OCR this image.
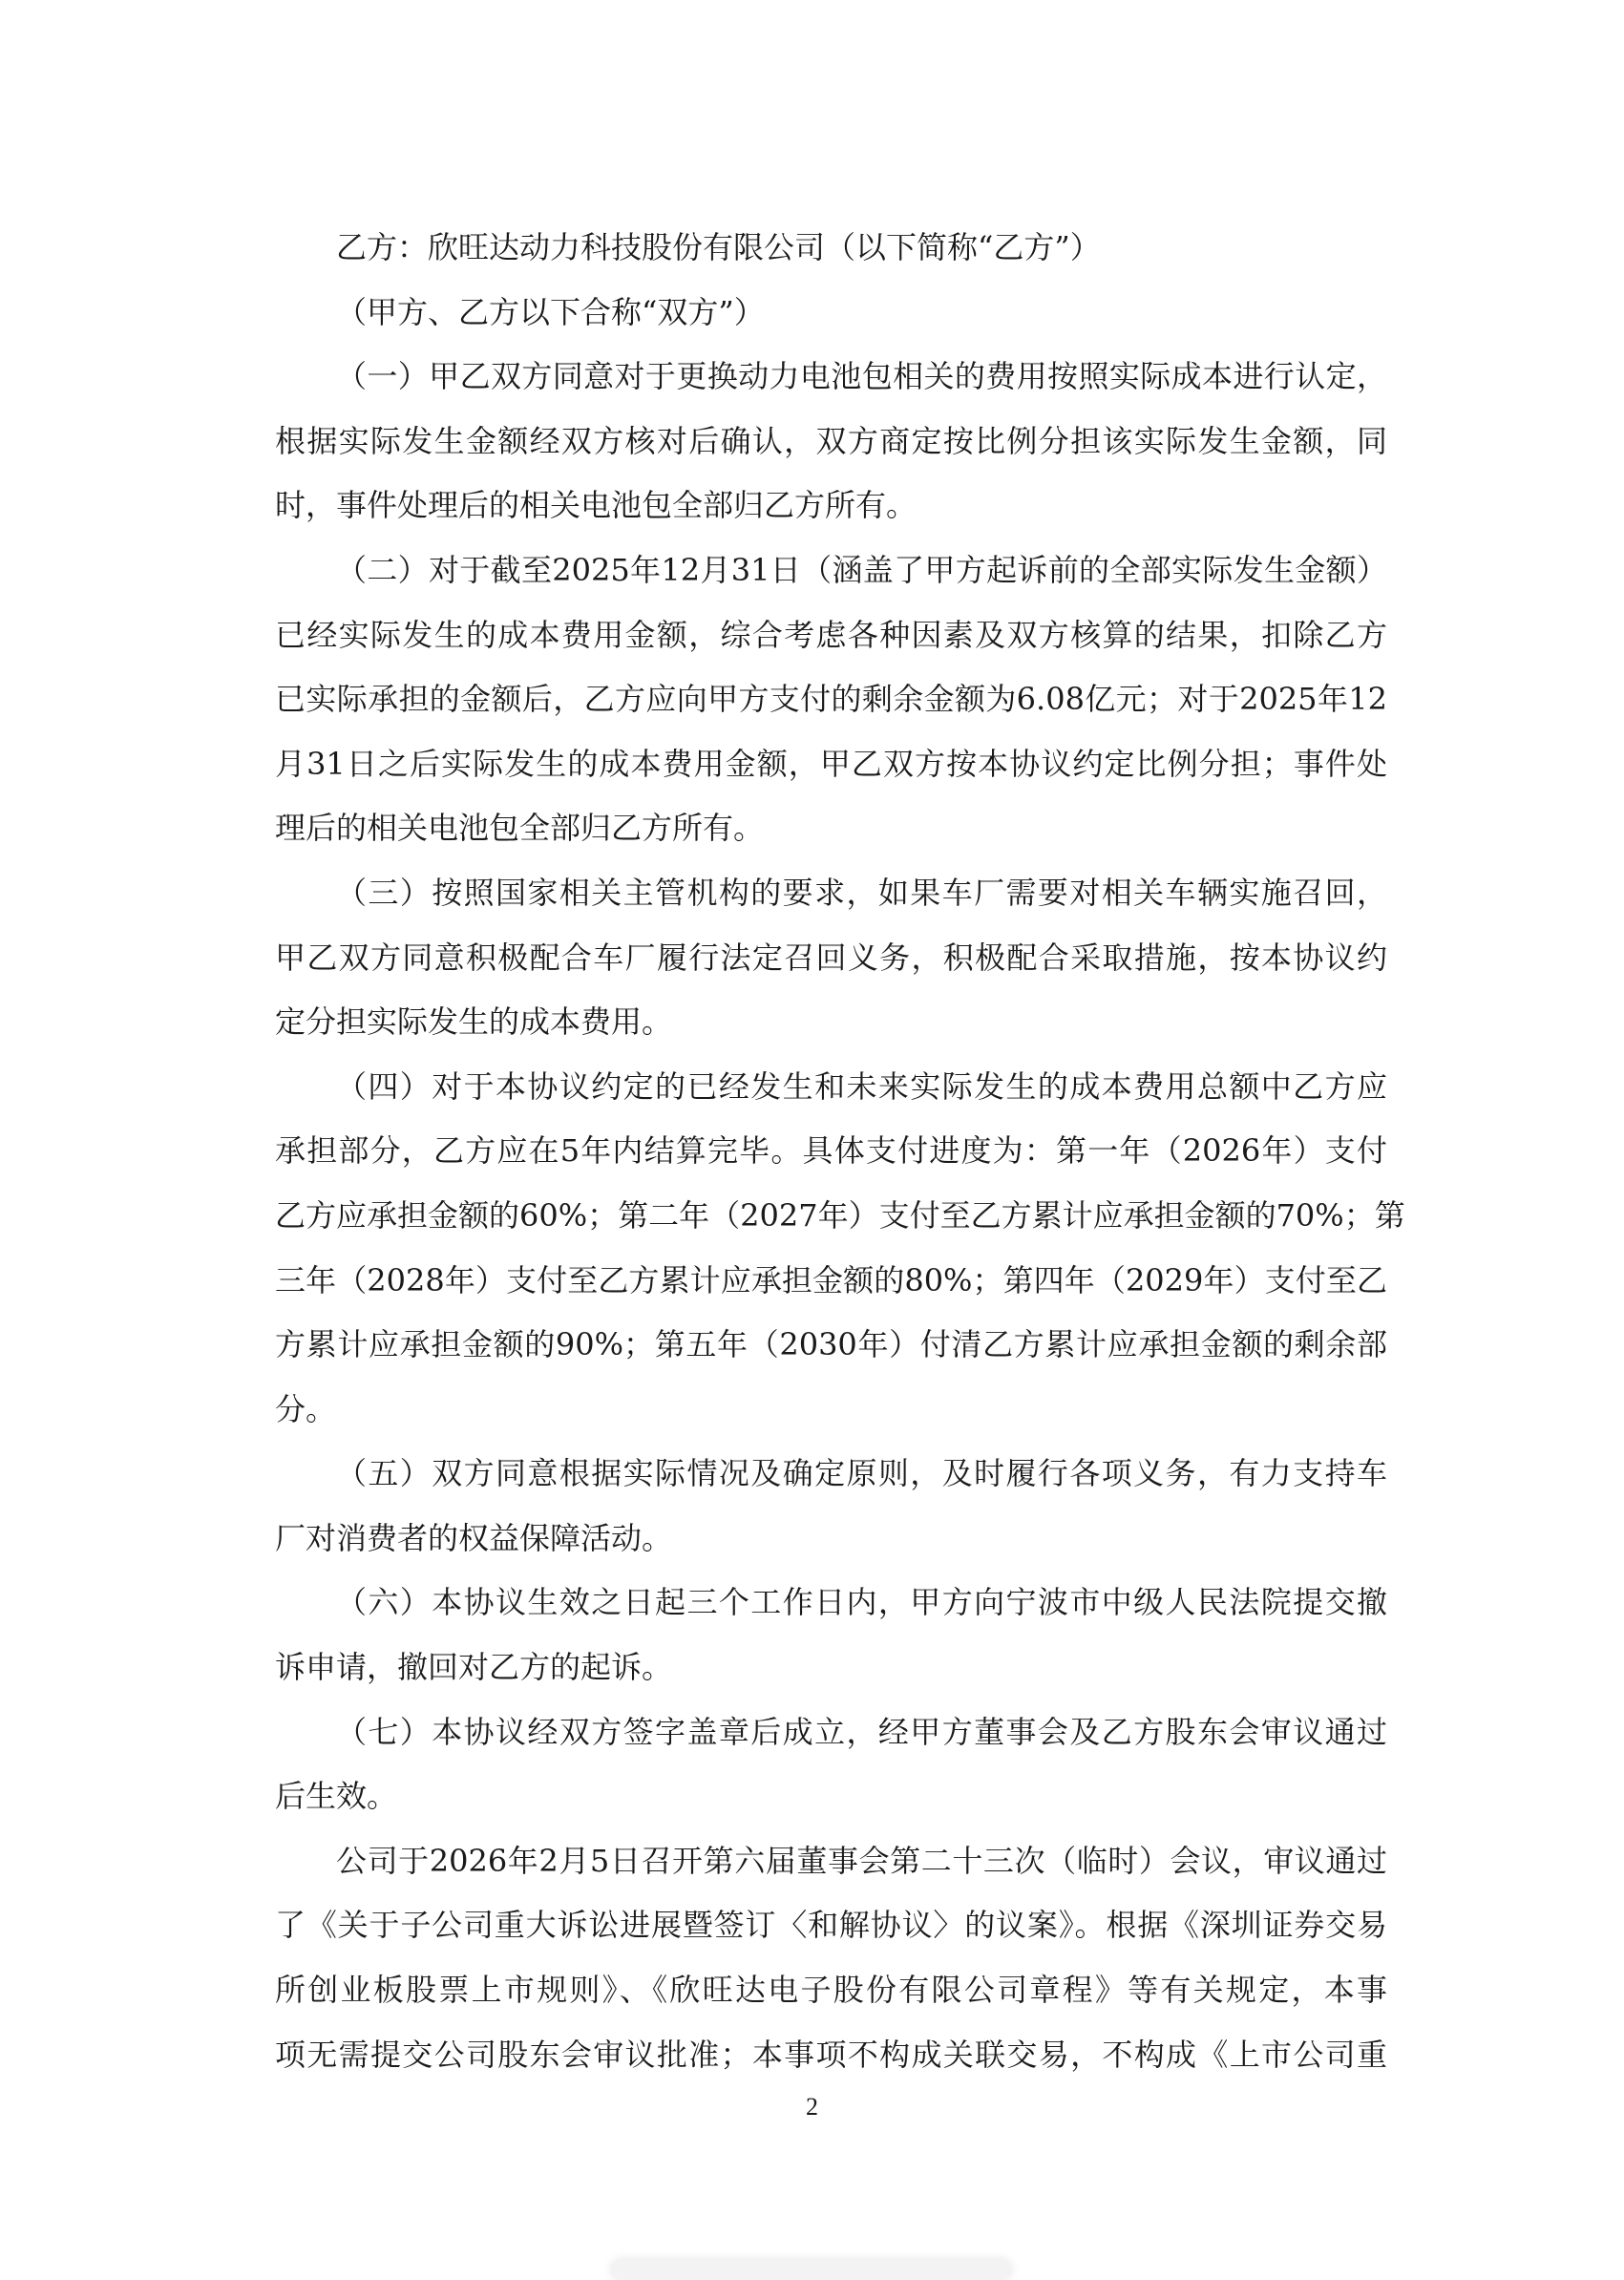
乙方：欣旺达动力科技股份有限公司（以下简称“乙方”）
（甲方、乙方以下合称“双方”）
（一）甲乙双方同意对于更换动力电池包相关的费用按照实际成本进行认定，
根据实际发生金额经双方核对后确认，双方商定按比例分担该实际发生金额，同
时，事件处理后的相关电池包全部归乙方所有。
（二）对于截至2025年12月31日（涵盖了甲方起诉前的全部实际发生金额）
已经实际发生的成本费用金额，综合考虑各种因素及双方核算的结果，扣除乙方
已实际承担的金额后，乙方应向甲方支付的剩余金额为6.08亿元；对于2025年12
月31日之后实际发生的成本费用金额，甲乙双方按本协议约定比例分担；事件处
理后的相关电池包全部归乙方所有。
（三）按照国家相关主管机构的要求，如果车厂需要对相关车辆实施召回，
甲乙双方同意积极配合车厂履行法定召回义务，积极配合采取措施，按本协议约
定分担实际发生的成本费用。
（四）对于本协议约定的已经发生和未来实际发生的成本费用总额中乙方应
承担部分，乙方应在5年内结算完毕。具体支付进度为：第一年（2026年）支付
乙方应承担金额的60%；第二年（2027年）支付至乙方累计应承担金额的70%；第
三年（2028年）支付至乙方累计应承担金额的80%；第四年（2029年）支付至乙
方累计应承担金额的90%；第五年（2030年）付清乙方累计应承担金额的剩余部
分。
（五）双方同意根据实际情况及确定原则，及时履行各项义务，有力支持车
厂对消费者的权益保障活动。
（六）本协议生效之日起三个工作日内，甲方向宁波市中级人民法院提交撤
诉申请，撤回对乙方的起诉。
（七）本协议经双方签字盖章后成立，经甲方董事会及乙方股东会审议通过
后生效。
公司于2026年2月5日召开第六届董事会第二十三次（临时）会议，审议通过
了《关于子公司重大诉讼进展暨签订〈和解协议〉的议案》。根据《深圳证券交易
所创业板股票上市规则》、《欣旺达电子股份有限公司章程》等有关规定，本事
项无需提交公司股东会审议批准；本事项不构成关联交易，不构成《上市公司重
2
